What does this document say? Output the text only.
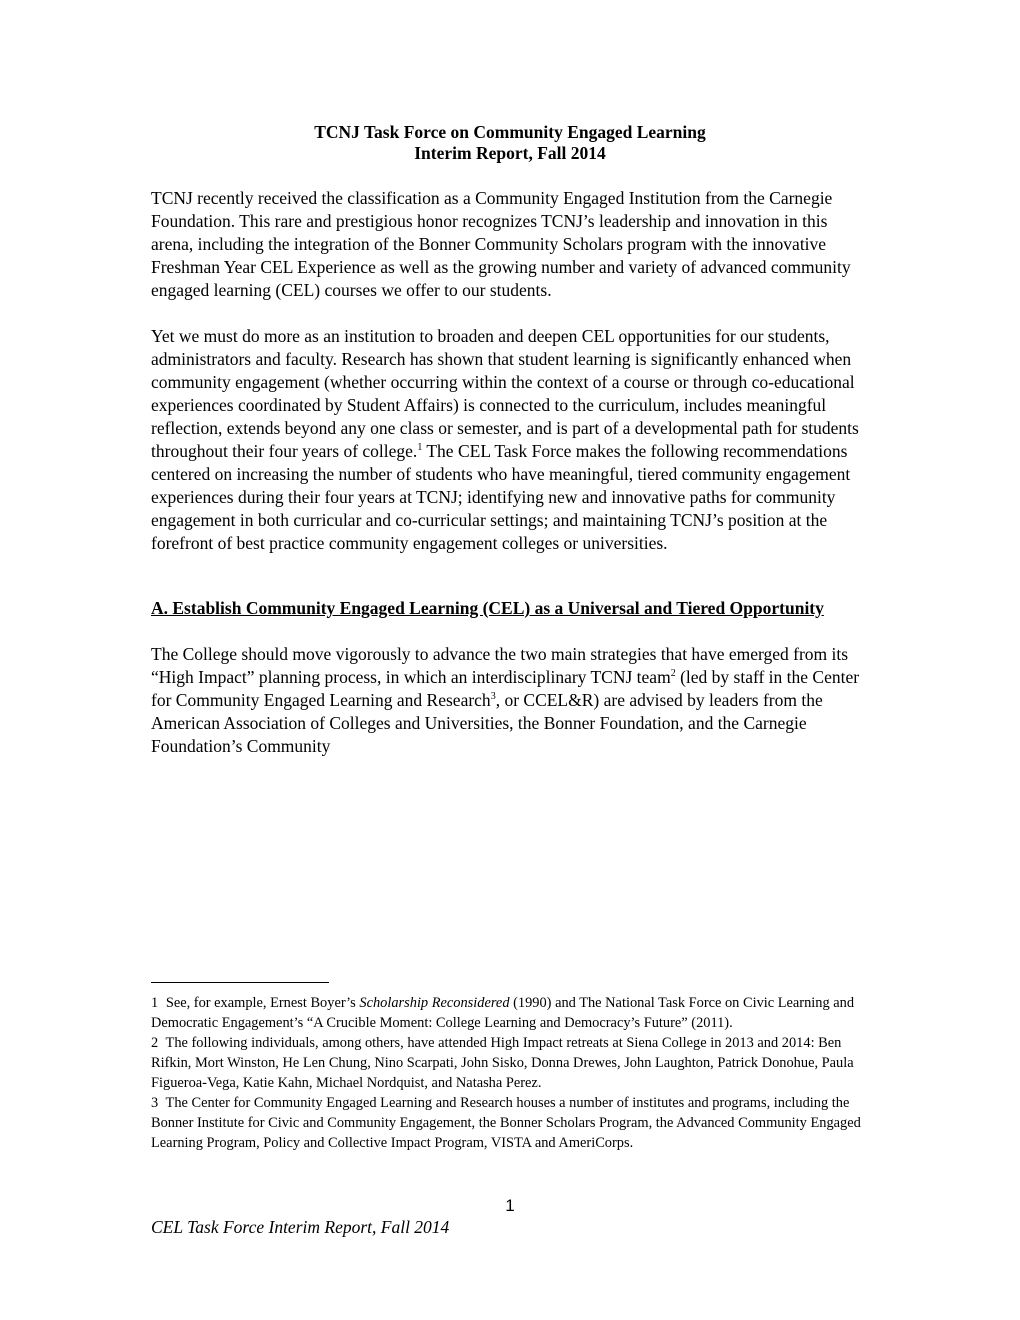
TCNJ Task Force on Community Engaged Learning

Interim Report, Fall 2014

TCNJ recently received the classification as a Community Engaged Institution from the Carnegie Foundation. This rare and prestigious honor recognizes TCNJ’s leadership and innovation in this arena, including the integration of the Bonner Community Scholars program with the innovative Freshman Year CEL Experience as well as the growing number and variety of advanced community engaged learning (CEL) courses we offer to our students.

Yet we must do more as an institution to broaden and deepen CEL opportunities for our students, administrators and faculty. Research has shown that student learning is significantly enhanced when community engagement (whether occurring within the context of a course or through co-educational experiences coordinated by Student Affairs) is connected to the curriculum, includes meaningful reflection, extends beyond any one class or semester, and is part of a developmental path for students throughout their four years of college.$^1$ The CEL Task Force makes the following recommendations centered on increasing the number of students who have meaningful, tiered community engagement experiences during their four years at TCNJ; identifying new and innovative paths for community engagement in both curricular and co-curricular settings; and maintaining TCNJ’s position at the forefront of best practice community engagement colleges or universities.

A. Establish Community Engaged Learning (CEL) as a Universal and Tiered Opportunity

The College should move vigorously to advance the two main strategies that have emerged from its “High Impact” planning process, in which an interdisciplinary TCNJ team$^2$ (led by staff in the Center for Community Engaged Learning and Research$^3$, or CCEL&R) are advised by leaders from the American Association of Colleges and Universities, the Bonner Foundation, and the Carnegie Foundation’s Community

1 See, for example, Ernest Boyer’s Scholarship Reconsidered (1990) and The National Task Force on Civic Learning and Democratic Engagement’s “A Crucible Moment: College Learning and Democracy’s Future” (2011).

2 The following individuals, among others, have attended High Impact retreats at Siena College in 2013 and 2014: Ben Rifkin, Mort Winston, He Len Chung, Nino Scarpati, John Sisko, Donna Drewes, John Laughton, Patrick Donohue, Paula Figueroa-Vega, Katie Kahn, Michael Nordquist, and Natasha Perez.

3 The Center for Community Engaged Learning and Research houses a number of institutes and programs, including the Bonner Institute for Civic and Community Engagement, the Bonner Scholars Program, the Advanced Community Engaged Learning Program, Policy and Collective Impact Program, VISTA and AmeriCorps.

1
CEL Task Force Interim Report, Fall 2014
